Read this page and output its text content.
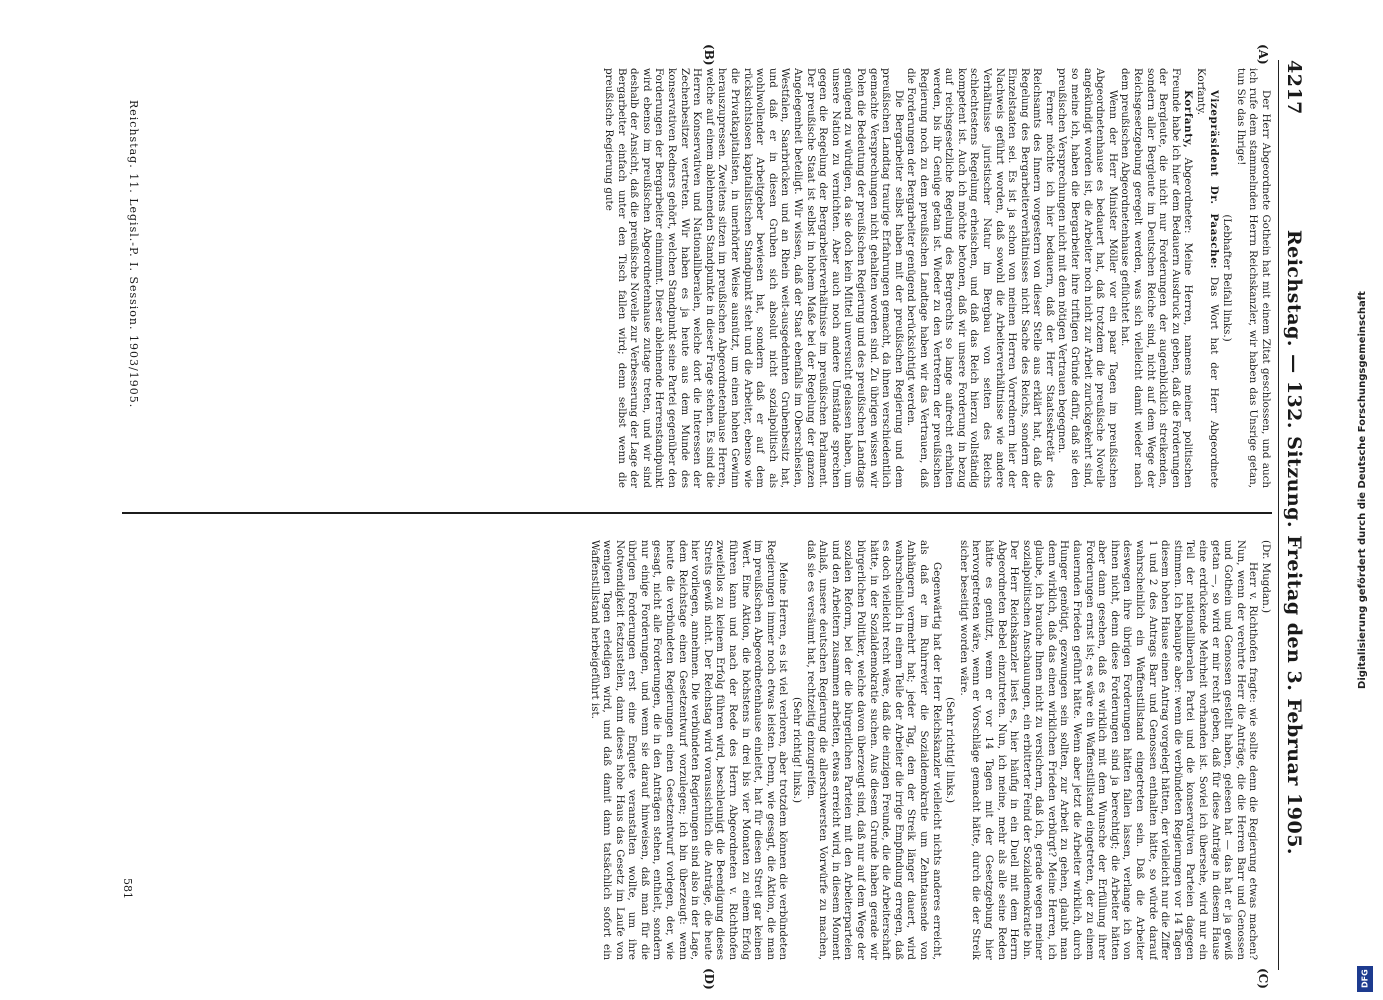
4217
Reichstag. — 132. Sitzung. Freitag den 3. Februar 1905.
(A)
(B)
(C)
(D)

Der Herr Abgeordnete Gothein hat mit einem Zitat geschlossen, und auch ich rufe dem stammelnden Herrn Reichskanzler, wir haben das Unsrige getan, tun Sie das Ihrige!

(Lebhafter Beifall links.)

Vizepräsident Dr. Paasche: Das Wort hat der Herr Abgeordnete Korfanty.

Korfanty, Abgeordneter: Meine Herren, namens meiner politischen Freunde habe ich hier dem Bedauern Ausdruck zu geben, daß die Forderungen der Bergleute, die nicht nur Forderungen der augenblicklich streikenden, sondern aller Bergleute im Deutschen Reiche sind, nicht auf dem Wege der Reichsgesetzgebung geregelt werden, was sich vielleicht damit wieder nach dem preußischen Abgeordnetenhause geflüchtet hat.

Wenn der Herr Minister Möller vor ein paar Tagen im preußischen Abgeordnetenhause es bedauert hat, daß trotzdem die preußische Novelle angekündigt worden ist, die Arbeiter noch nicht zur Arbeit zurückgekehrt sind, so meine ich, haben die Bergarbeiter ihre triftigen Gründe dafür, daß sie den preußischen Versprechungen nicht mit dem nötigen Vertrauen begegnen.

Ferner möchte ich hier bedauern, daß der Herr Staatssekretär des Reichsamts des Innern vorgestern von dieser Stelle aus erklärt hat, daß die Regelung des Bergarbeiterverhältnisses nicht Sache des Reichs, sondern der Einzelstaaten sei. Es ist ja schon von meinen Herren Vorrednern hier der Nachweis geführt worden, daß sowohl die Arbeiterverhältnisse wie andere Verhältnisse juristischer Natur im Bergbau von seiten des Reichs schlechtestens Regelung erheischen, und daß das Reich hierzu vollständig kompetent ist. Auch ich möchte betonen, daß wir unsere Forderung in bezug auf reichsgesetzliche Regelung des Bergrechts so lange aufrecht erhalten werden, bis ihr Genüge getan ist. Wieder zu den Vertretern der preußischen Regierung noch zu dem preußischen Landtage haben wir das Vertrauen, daß die Forderungen der Bergarbeiter genügend berücksichtigt werden.

Die Bergarbeiter selbst haben mit der preußischen Regierung und dem preußischen Landtag traurige Erfahrungen gemacht, da ihnen verschiedentlich gemachte Versprechungen nicht gehalten worden sind. Zu übrigen wissen wir Polen die Bedeutung der preußischen Regierung und des preußischen Landtags genügend zu würdigen, da sie doch kein Mittel unversucht gelassen haben, um unsere Nation zu vernichten. Aber auch noch andere Umstände sprechen gegen die Regelung der Bergarbeiterverhältnisse im preußischen Parlament. Der preußische Staat ist selbst in hohem Maße bei der Regelung der ganzen Angelegenheit beteiligt. Wir wissen, daß der Staat ebenfalls im Oberschlesien, Westfalen, Saarbrücken und an Rhein weit-ausgedehnten Grubenbesitz hat, und daß er in diesen Gruben sich absolut nicht sozialpolitisch als wohlwollender Arbeitgeber bewiesen hat, sondern daß er auf dem rücksichtslosen kapitalistischen Standpunkt steht und die Arbeiter, ebenso wie die Privatkapitalisten, in unerhörter Weise ausnützt, um einen hohen Gewinn herauszupressen. Zweitens sitzen im preußischen Abgeordnetenhause Herren, welche auf einem ablehnenden Standpunkte in dieser Frage stehen. Es sind die Herren Konservativen und Nationalliberalen, welche dort die Interessen der Zechenbesitzer vertreten. Wir haben es ja heute aus dem Munde des konservativen Redners gehört, welchen Standpunkt seine Partei gegenüber den Forderungen der Bergarbeiter einnimmt. Dieser ablehnende Herrenstandpunkt wird ebenso im preußischen Abgeordnetenhause zutage treten, und wir sind deshalb der Ansicht, daß die preußische Novelle zur Verbesserung der Lage der Bergarbeiter einfach unter den Tisch fallen wird; denn selbst wenn die preußische Regierung gute

(Dr. Mugdan.)

Herr v. Richthofen fragte: wie sollte denn die Regierung etwas machen? Nun, wenn der verehrte Herr die Anträge, die die Herren Barr und Genossen und Gothein und Genossen gestellt haben, gelesen hat — das hat er ja gewiß getan —, so wird er mir recht geben, daß für diese Anträge in diesem Hause eine erdrückende Mehrheit vorhanden ist. Soviel ich übersehe, wird nur ein Teil der nationalliberalen Partei und die konservativen Parteien dagegen stimmen. Ich behaupte aber: wenn die verbündeten Regierungen vor 14 Tagen diesem hohen Hause einen Antrag vorgelegt hätten, der vielleicht nur die Ziffer 1 und 2 des Antrags Barr und Genossen enthalten hätte, so würde darauf wahrscheinlich ein Waffenstillstand eingetreten sein. Daß die Arbeiter deswegen ihre übrigen Forderungen hätten fallen lassen, verlange ich von ihnen nicht, denn diese Forderungen sind ja berechtigt; die Arbeiter hätten aber dann gesehen, daß es wirklich mit dem Wunsche der Erfüllung ihrer Forderungen ernst ist; es wäre ein Waffenstillstand eingetreten, der zu einem dauernden Frieden geführt hätte. Wenn aber jetzt die Arbeiter wirklich, durch Hunger genötigt, gezwungen sein sollten, zur Arbeit zu gehen, glaubt man denn wirklich, daß das einen wirklichen Frieden verbürgt? Meine Herren, ich glaube, ich brauche Ihnen nicht zu versichern, daß ich, gerade wegen meiner sozialpolitischen Anschauungen, ein erbitterter Feind der Sozialdemokratie bin. Der Herr Reichskanzler liest es, hier häufig in ein Duell mit dem Herrn Abgeordneten Bebel einzutreten. Nun, ich meine, mehr als alle seine Reden hätte es genützt, wenn er vor 14 Tagen mit der Gesetzgebung hier hervorgetreten wäre, wenn er Vorschläge gemacht hätte, durch die der Streik sicher beseitigt worden wäre.

(Sehr richtig! links.)

Gegenwärtig hat der Herr Reichskanzler vielleicht nichts anderes erreicht, als daß er im Ruhrrevier die Sozialdemokratie um Zehntausende von Anhängern vermehrt hat; jeder Tag, den der Streik länger dauert, wird wahrscheinlich in einem Teile der Arbeiter die irrige Empfindung erregen, daß es doch vielleicht recht wäre, daß die einzigen Freunde, die die Arbeiterschaft hätte, in der Sozialdemokratie suchen. Aus diesem Grunde haben gerade wir bürgerlichen Politiker, welche davon überzeugt sind, daß nur auf dem Wege der sozialen Reform, bei der die bürgerlichen Parteien mit den Arbeiterparteien und den Arbeitern zusammen arbeiten, etwas erreicht wird, in diesem Moment Anlaß, unsere deutschen Regierung die allerschwersten Vorwürfe zu machen, daß sie es versäumt hat, rechtzeitig einzugreifen.

(Sehr richtig! links.)

Meine Herren, es ist viel verloren, aber trotzdem können die verbündeten Regierungen immer noch etwas leisten. Denn, wie gesagt, die Aktion, die man im preußischen Abgeordnetenhause einleitet, hat für diesen Streit gar keinen Wert. Eine Aktion, die höchstens in drei bis vier Monaten zu einem Erfolg führen kann und nach der Rede des Herrn Abgeordneten v. Richthofen zweifellos zu keinem Erfolg führen wird, beschleunigt die Beendigung dieses Streits gewiß nicht. Der Reichstag wird voraussichtlich die Anträge, die heute hier vorliegen, annehmen. Die verbündeten Regierungen sind also in der Lage, dem Reichstage einen Gesetzentwurf vorzulegen; ich bin überzeugt: wenn heute die verbündeten Regierungen einen Gesetzentwurf vorlegen, der, wie gesagt, nicht alle Forderungen, die in den Anträgen stehen, enthielt, sondern nur einige Forderungen, und wenn sie darauf hinweisen, daß man für die übrigen Forderungen erst eine Enquete veranstalten wollte, um ihre Notwendigkeit festzustellen, dann dieses hohe Haus das Gesetz im Laufe von wenigen Tagen erledigen wird, und daß damit dann tatsächlich sofort ein Waffenstillstand herbeigeführt ist.

Reichstag. 11. Legisl.-P. I. Session. 1903/1905.
581
Digitalisierung gefördert durch die Deutsche Forschungsgemeinschaft
DFG
